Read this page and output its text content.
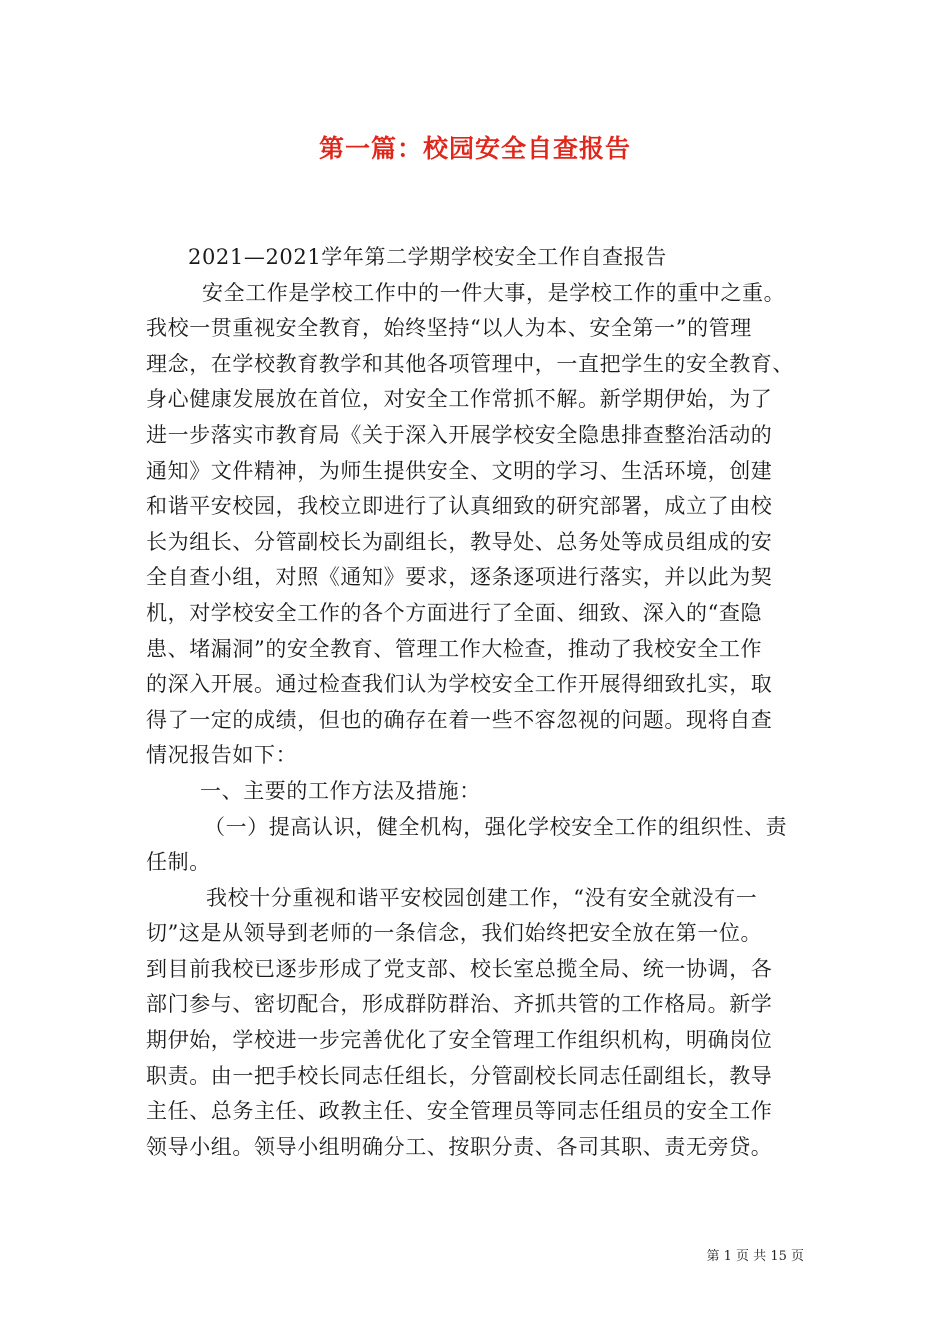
第一篇：校园安全自查报告
2021—2021学年第二学期学校安全工作自查报告
安全工作是学校工作中的一件大事，是学校工作的重中之重。
我校一贯重视安全教育，始终坚持“以人为本、安全第一”的管理
理念，在学校教育教学和其他各项管理中，一直把学生的安全教育、
身心健康发展放在首位，对安全工作常抓不解。新学期伊始，为了
进一步落实市教育局《关于深入开展学校安全隐患排查整治活动的
通知》文件精神，为师生提供安全、文明的学习、生活环境，创建
和谐平安校园，我校立即进行了认真细致的研究部署，成立了由校
长为组长、分管副校长为副组长，教导处、总务处等成员组成的安
全自查小组，对照《通知》要求，逐条逐项进行落实，并以此为契
机，对学校安全工作的各个方面进行了全面、细致、深入的“查隐
患、堵漏洞”的安全教育、管理工作大检查，推动了我校安全工作
的深入开展。通过检查我们认为学校安全工作开展得细致扎实，取
得了一定的成绩，但也的确存在着一些不容忽视的问题。现将自查
情况报告如下：
一、主要的工作方法及措施：
（一）提高认识，健全机构，强化学校安全工作的组织性、责
任制。
我校十分重视和谐平安校园创建工作，“没有安全就没有一
切”这是从领导到老师的一条信念，我们始终把安全放在第一位。
到目前我校已逐步形成了党支部、校长室总揽全局、统一协调，各
部门参与、密切配合，形成群防群治、齐抓共管的工作格局。新学
期伊始，学校进一步完善优化了安全管理工作组织机构，明确岗位
职责。由一把手校长同志任组长，分管副校长同志任副组长，教导
主任、总务主任、政教主任、安全管理员等同志任组员的安全工作
领导小组。领导小组明确分工、按职分责、各司其职、责无旁贷。
第 1 页 共 15 页
